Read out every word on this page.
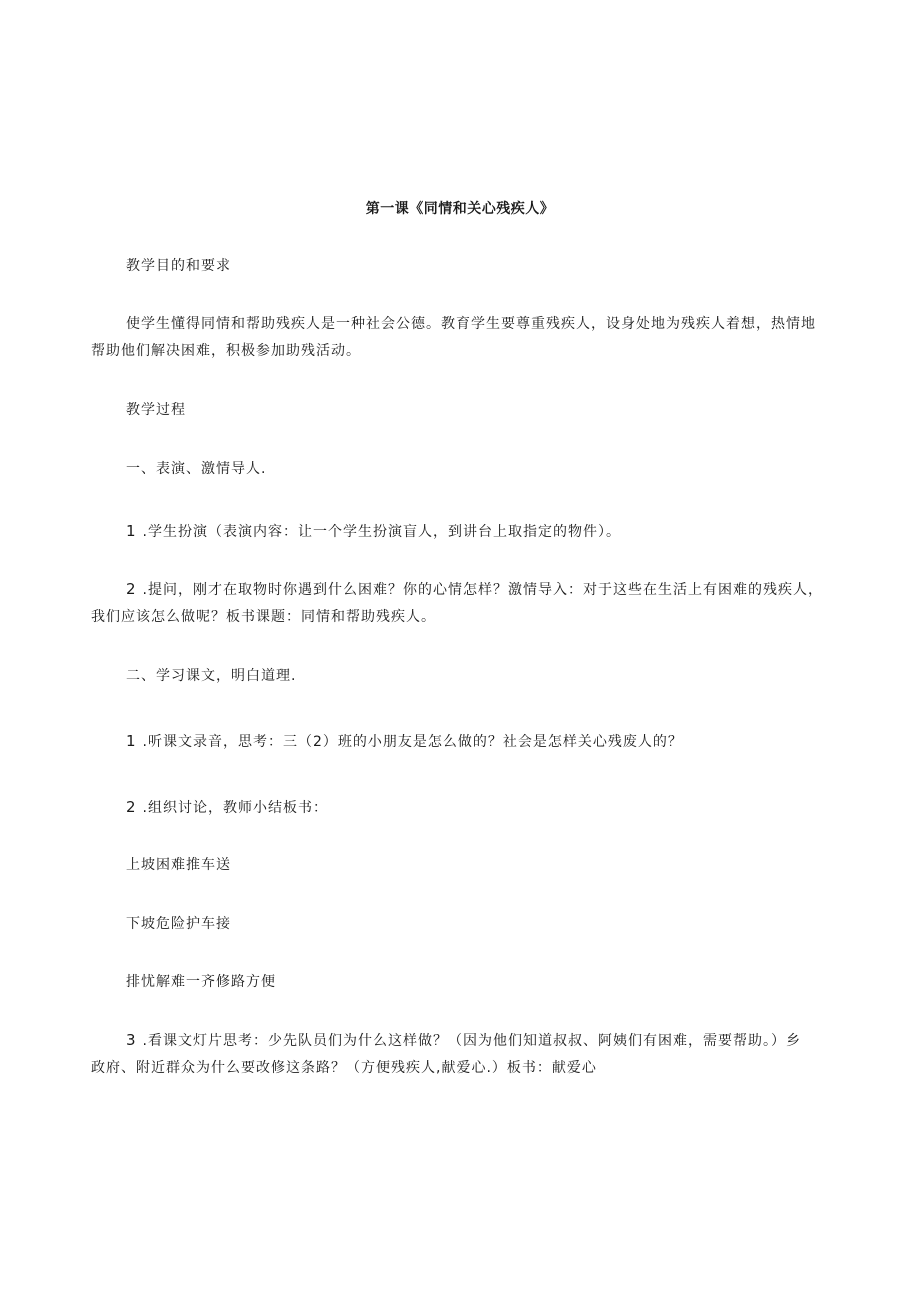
第一课《同情和关心残疾人》
教学目的和要求
使学生懂得同情和帮助残疾人是一种社会公德。教育学生要尊重残疾人，设身处地为残疾人着想，热情地
帮助他们解决困难，积极参加助残活动。
教学过程
一、表演、激情导人.
1 .学生扮演（表演内容：让一个学生扮演盲人，到讲台上取指定的物件）。
2 .提问，刚才在取物时你遇到什么困难？你的心情怎样？激情导入：对于这些在生活上有困难的残疾人，
我们应该怎么做呢？板书课题：同情和帮助残疾人。
二、学习课文，明白道理.
1 .听课文录音，思考：三（2）班的小朋友是怎么做的？社会是怎样关心残废人的？
2 .组织讨论，教师小结板书：
上坡困难推车送
下坡危险护车接
排忧解难一齐修路方便
3 .看课文灯片思考：少先队员们为什么这样做？（因为他们知道叔叔、阿姨们有困难，需要帮助。）乡
政府、附近群众为什么要改修这条路？（方便残疾人,献爱心.）板书：献爱心
